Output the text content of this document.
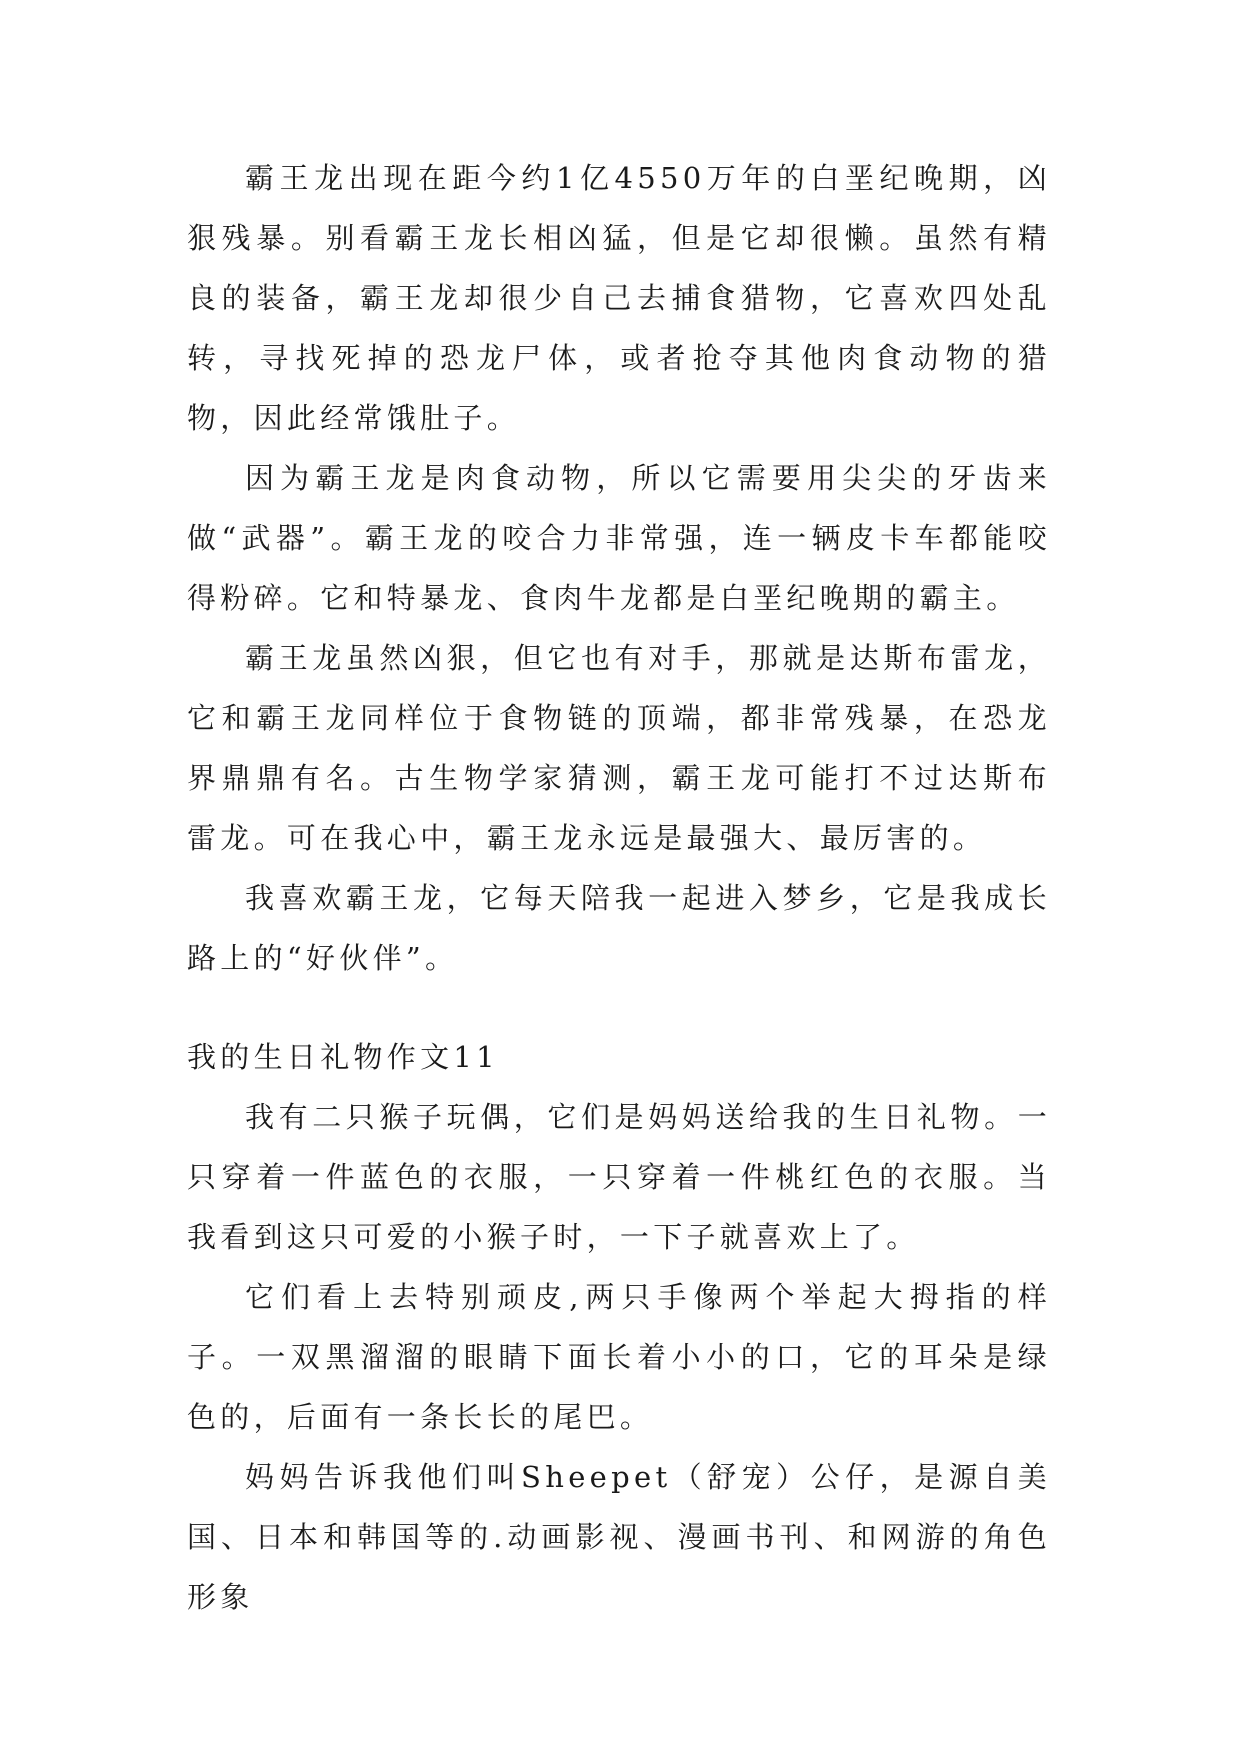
霸王龙出现在距今约1亿4550万年的白垩纪晚期，凶狠残暴。别看霸王龙长相凶猛，但是它却很懒。虽然有精良的装备，霸王龙却很少自己去捕食猎物，它喜欢四处乱转，寻找死掉的恐龙尸体，或者抢夺其他肉食动物的猎物，因此经常饿肚子。

因为霸王龙是肉食动物，所以它需要用尖尖的牙齿来做“武器”。霸王龙的咬合力非常强，连一辆皮卡车都能咬得粉碎。它和特暴龙、食肉牛龙都是白垩纪晚期的霸主。

霸王龙虽然凶狠，但它也有对手，那就是达斯布雷龙，它和霸王龙同样位于食物链的顶端，都非常残暴，在恐龙界鼎鼎有名。古生物学家猜测，霸王龙可能打不过达斯布雷龙。可在我心中，霸王龙永远是最强大、最厉害的。

我喜欢霸王龙，它每天陪我一起进入梦乡，它是我成长路上的“好伙伴”。

我的生日礼物作文11

我有二只猴子玩偶，它们是妈妈送给我的生日礼物。一只穿着一件蓝色的衣服，一只穿着一件桃红色的衣服。当我看到这只可爱的小猴子时，一下子就喜欢上了。

它们看上去特别顽皮,两只手像两个举起大拇指的样子。一双黑溜溜的眼睛下面长着小小的口，它的耳朵是绿色的，后面有一条长长的尾巴。

妈妈告诉我他们叫Sheepet（舒宠）公仔，是源自美国、日本和韩国等的.动画影视、漫画书刊、和网游的角色形象
